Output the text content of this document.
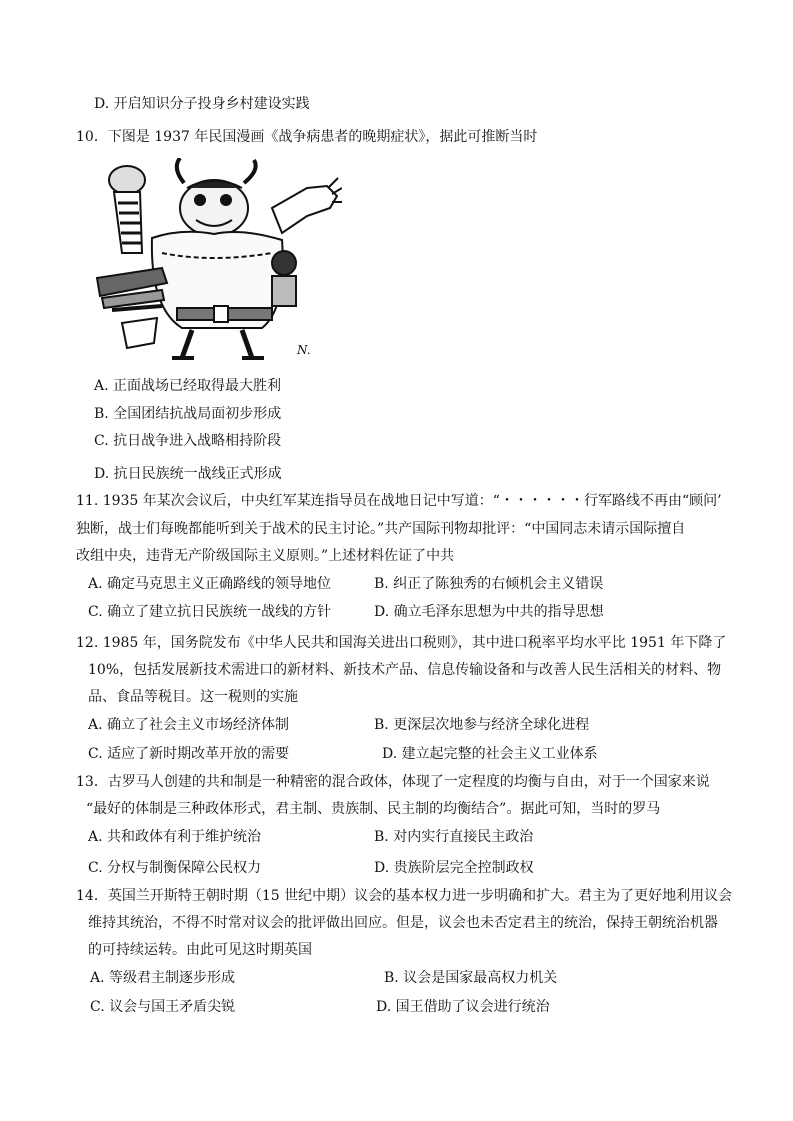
D. 开启知识分子投身乡村建设实践
10．下图是 1937 年民国漫画《战争病患者的晚期症状》，据此可推断当时
N.
A. 正面战场已经取得最大胜利
B. 全国团结抗战局面初步形成
C. 抗日战争进入战略相持阶段
D. 抗日民族统一战线正式形成
11. 1935 年某次会议后，中央红军某连指导员在战地日记中写道：“・・・・・・行军路线不再由“顾问’
独断，战士们每晚都能听到关于战术的民主讨论。”共产国际刊物却批评：“中国同志未请示国际擅自
改组中央，违背无产阶级国际主义原则。”上述材料佐证了中共
A. 确定马克思主义正确路线的领导地位	B. 纠正了陈独秀的右倾机会主义错误
C. 确立了建立抗日民族统一战线的方针	D. 确立毛泽东思想为中共的指导思想
12. 1985 年，国务院发布《中华人民共和国海关进出口税则》，其中进口税率平均水平比 1951 年下降了
10%，包括发展新技术需进口的新材料、新技术产品、信息传输设备和与改善人民生活相关的材料、物
品、食品等税目。这一税则的实施
A. 确立了社会主义市场经济体制	B. 更深层次地参与经济全球化进程
C. 适应了新时期改革开放的需要	D. 建立起完整的社会主义工业体系
13．古罗马人创建的共和制是一种精密的混合政体，体现了一定程度的均衡与自由，对于一个国家来说
“最好的体制是三种政体形式，君主制、贵族制、民主制的均衡结合”。据此可知，当时的罗马
A. 共和政体有利于维护统治	B. 对内实行直接民主政治
C. 分权与制衡保障公民权力	D. 贵族阶层完全控制政权
14．英国兰开斯特王朝时期（15 世纪中期）议会的基本权力进一步明确和扩大。君主为了更好地利用议会
维持其统治，不得不时常对议会的批评做出回应。但是，议会也未否定君主的统治，保持王朝统治机器
的可持续运转。由此可见这时期英国
A. 等级君主制逐步形成	B. 议会是国家最高权力机关
C. 议会与国王矛盾尖锐	D. 国王借助了议会进行统治
